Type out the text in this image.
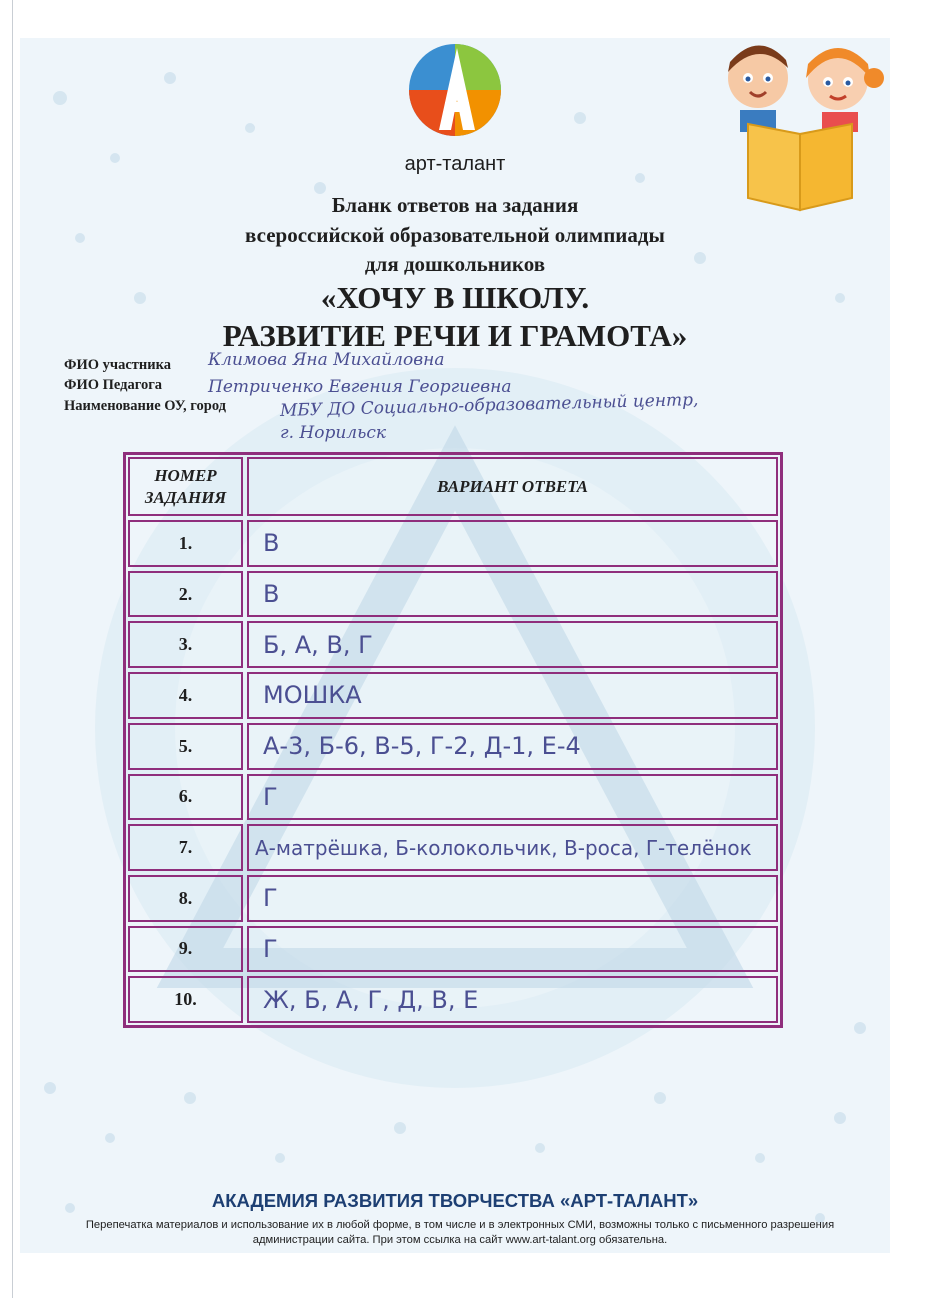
арт-талант
Бланк ответов на задания
всероссийской образовательной олимпиады
для дошкольников
«ХОЧУ В ШКОЛУ.
РАЗВИТИЕ РЕЧИ И ГРАМОТА»
ФИО участника Климова Яна Михайловна
ФИО Педагога	Петриченко Евгения Георгиевна
Наименование ОУ, город	МБУ ДО Социально-образовательный центр,
г. Норильск
НОМЕР ЗАДАНИЯ
ВАРИАНТ ОТВЕТА
1.	В
2.	В
3.	Б, А, В, Г
4.	МОШКА
5.	А-3, Б-6, В-5, Г-2, Д-1, Е-4
6.	Г
7.	А-матрёшка, Б-колокольчик, В-роса, Г-телёнок
8.	Г
9.	Г
10.	Ж, Б, А, Г, Д, В, Е
АКАДЕМИЯ РАЗВИТИЯ ТВОРЧЕСТВА «АРТ-ТАЛАНТ»
Перепечатка материалов и использование их в любой форме, в том числе и в электронных СМИ, возможны только с письменного разрешения администрации сайта. При этом ссылка на сайт www.art-talant.org обязательна.
